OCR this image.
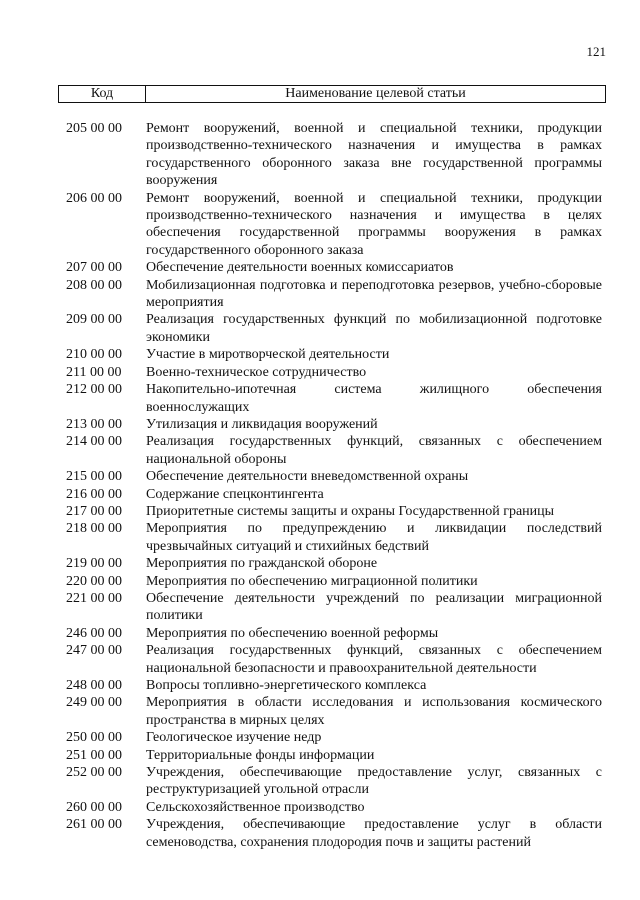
121
Код	Наименование целевой статьи
205 00 00	Ремонт вооружений, военной и специальной техники, продукции производственно-технического назначения и имущества в рамках государственного оборонного заказа вне государственной программы вооружения
206 00 00	Ремонт вооружений, военной и специальной техники, продукции производственно-технического назначения и имущества в целях обеспечения государственной программы вооружения в рамках государственного оборонного заказа
207 00 00	Обеспечение деятельности военных комиссариатов
208 00 00	Мобилизационная подготовка и переподготовка резервов, учебно-сборовые мероприятия
209 00 00	Реализация государственных функций по мобилизационной подготовке экономики
210 00 00	Участие в миротворческой деятельности
211 00 00	Военно-техническое сотрудничество
212 00 00	Накопительно-ипотечная система жилищного обеспечения военнослужащих
213 00 00	Утилизация и ликвидация вооружений
214 00 00	Реализация государственных функций, связанных с обеспечением национальной обороны
215 00 00	Обеспечение деятельности вневедомственной охраны
216 00 00	Содержание спецконтингента
217 00 00	Приоритетные системы защиты и охраны Государственной границы
218 00 00	Мероприятия по предупреждению и ликвидации последствий чрезвычайных ситуаций и стихийных бедствий
219 00 00	Мероприятия по гражданской обороне
220 00 00	Мероприятия по обеспечению миграционной политики
221 00 00	Обеспечение деятельности учреждений по реализации миграционной политики
246 00 00	Мероприятия по обеспечению военной реформы
247 00 00	Реализация государственных функций, связанных с обеспечением национальной безопасности и правоохранительной деятельности
248 00 00	Вопросы топливно-энергетического комплекса
249 00 00	Мероприятия в области исследования и использования космического пространства в мирных целях
250 00 00	Геологическое изучение недр
251 00 00	Территориальные фонды информации
252 00 00	Учреждения, обеспечивающие предоставление услуг, связанных с реструктуризацией угольной отрасли
260 00 00	Сельскохозяйственное производство
261 00 00	Учреждения, обеспечивающие предоставление услуг в области семеноводства, сохранения плодородия почв и защиты растений
